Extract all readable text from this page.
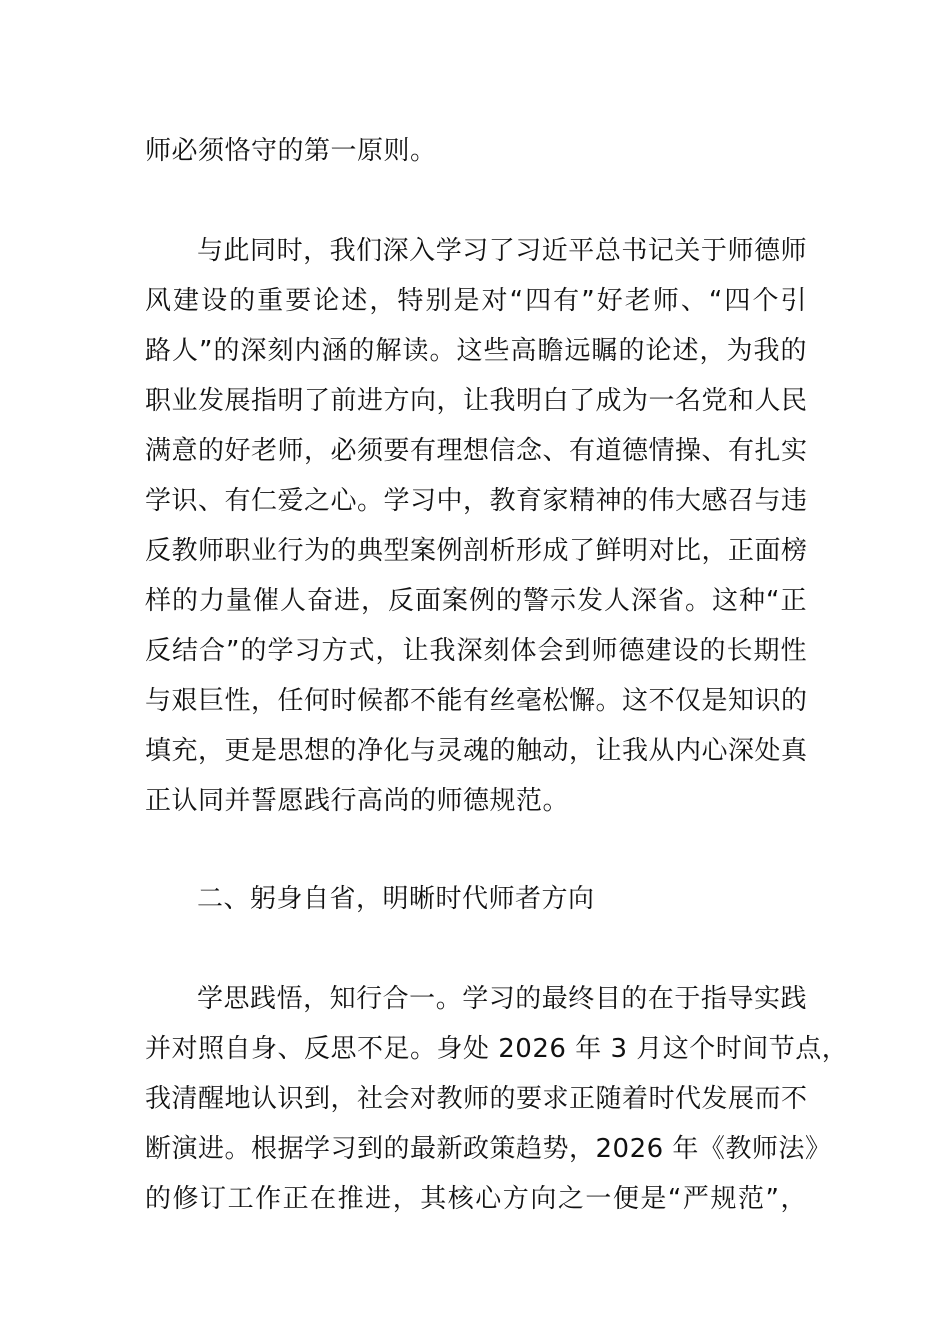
师必须恪守的第一原则。
与此同时，我们深入学习了习近平总书记关于师德师
风建设的重要论述，特别是对“四有”好老师、“四个引
路人”的深刻内涵的解读。这些高瞻远瞩的论述，为我的
职业发展指明了前进方向，让我明白了成为一名党和人民
满意的好老师，必须要有理想信念、有道德情操、有扎实
学识、有仁爱之心。学习中，教育家精神的伟大感召与违
反教师职业行为的典型案例剖析形成了鲜明对比，正面榜
样的力量催人奋进，反面案例的警示发人深省。这种“正
反结合”的学习方式，让我深刻体会到师德建设的长期性
与艰巨性，任何时候都不能有丝毫松懈。这不仅是知识的
填充，更是思想的净化与灵魂的触动，让我从内心深处真
正认同并誓愿践行高尚的师德规范。
二、躬身自省，明晰时代师者方向
学思践悟，知行合一。学习的最终目的在于指导实践
并对照自身、反思不足。身处 2026 年 3 月这个时间节点，
我清醒地认识到，社会对教师的要求正随着时代发展而不
断演进。根据学习到的最新政策趋势，2026 年《教师法》
的修订工作正在推进，其核心方向之一便是“严规范”，
